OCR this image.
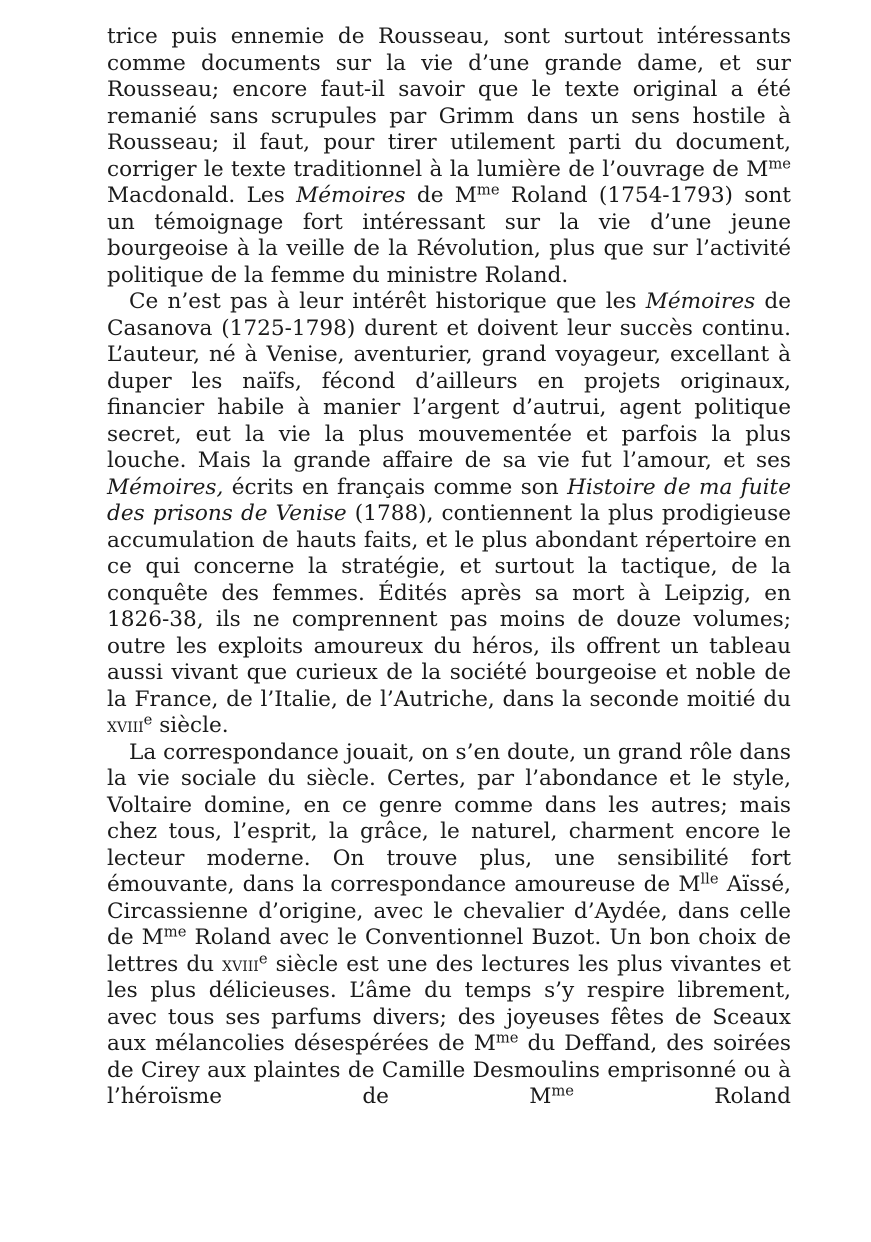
trice puis ennemie de Rousseau, sont surtout intéressants comme documents sur la vie d’une grande dame, et sur Rousseau; encore faut-il savoir que le texte original a été remanié sans scrupules par Grimm dans un sens hostile à Rousseau; il faut, pour tirer utilement parti du document, corriger le texte traditionnel à la lumière de l’ouvrage de $M^{me}$ Macdonald. Les Mémoires de $M^{me}$ Roland (1754-1793) sont un témoignage fort intéressant sur la vie d’une jeune bourgeoise à la veille de la Révolution, plus que sur l’activité politique de la femme du ministre Roland.

Ce n’est pas à leur intérêt historique que les Mémoires de Casanova (1725-1798) durent et doivent leur succès continu. L’auteur, né à Venise, aventurier, grand voyageur, excellant à duper les naïfs, fécond d’ailleurs en projets originaux, financier habile à manier l’argent d’autrui, agent politique secret, eut la vie la plus mouvementée et parfois la plus louche. Mais la grande affaire de sa vie fut l’amour, et ses Mémoires, écrits en français comme son Histoire de ma fuite des prisons de Venise (1788), contiennent la plus prodigieuse accumulation de hauts faits, et le plus abondant répertoire en ce qui concerne la stratégie, et surtout la tactique, de la conquête des femmes. Édités après sa mort à Leipzig, en 1826-38, ils ne comprennent pas moins de douze volumes; outre les exploits amoureux du héros, ils offrent un tableau aussi vivant que curieux de la société bourgeoise et noble de la France, de l’Italie, de l’Autriche, dans la seconde moitié du xviii$^e$ siècle.

La correspondance jouait, on s’en doute, un grand rôle dans la vie sociale du siècle. Certes, par l’abondance et le style, Voltaire domine, en ce genre comme dans les autres; mais chez tous, l’esprit, la grâce, le naturel, charment encore le lecteur moderne. On trouve plus, une sensibilité fort émouvante, dans la correspondance amoureuse de $M^{lle}$ Aïssé, Circassienne d’origine, avec le chevalier d’Aydée, dans celle de $M^{me}$ Roland avec le Conventionnel Buzot. Un bon choix de lettres du xviii$^e$ siècle est une des lectures les plus vivantes et les plus délicieuses. L’âme du temps s’y respire librement, avec tous ses parfums divers; des joyeuses fêtes de Sceaux aux mélancolies désespérées de $M^{me}$ du Deffand, des soirées de Cirey aux plaintes de Camille Desmoulins emprisonné ou à l’héroïsme de $M^{me}$ Roland
